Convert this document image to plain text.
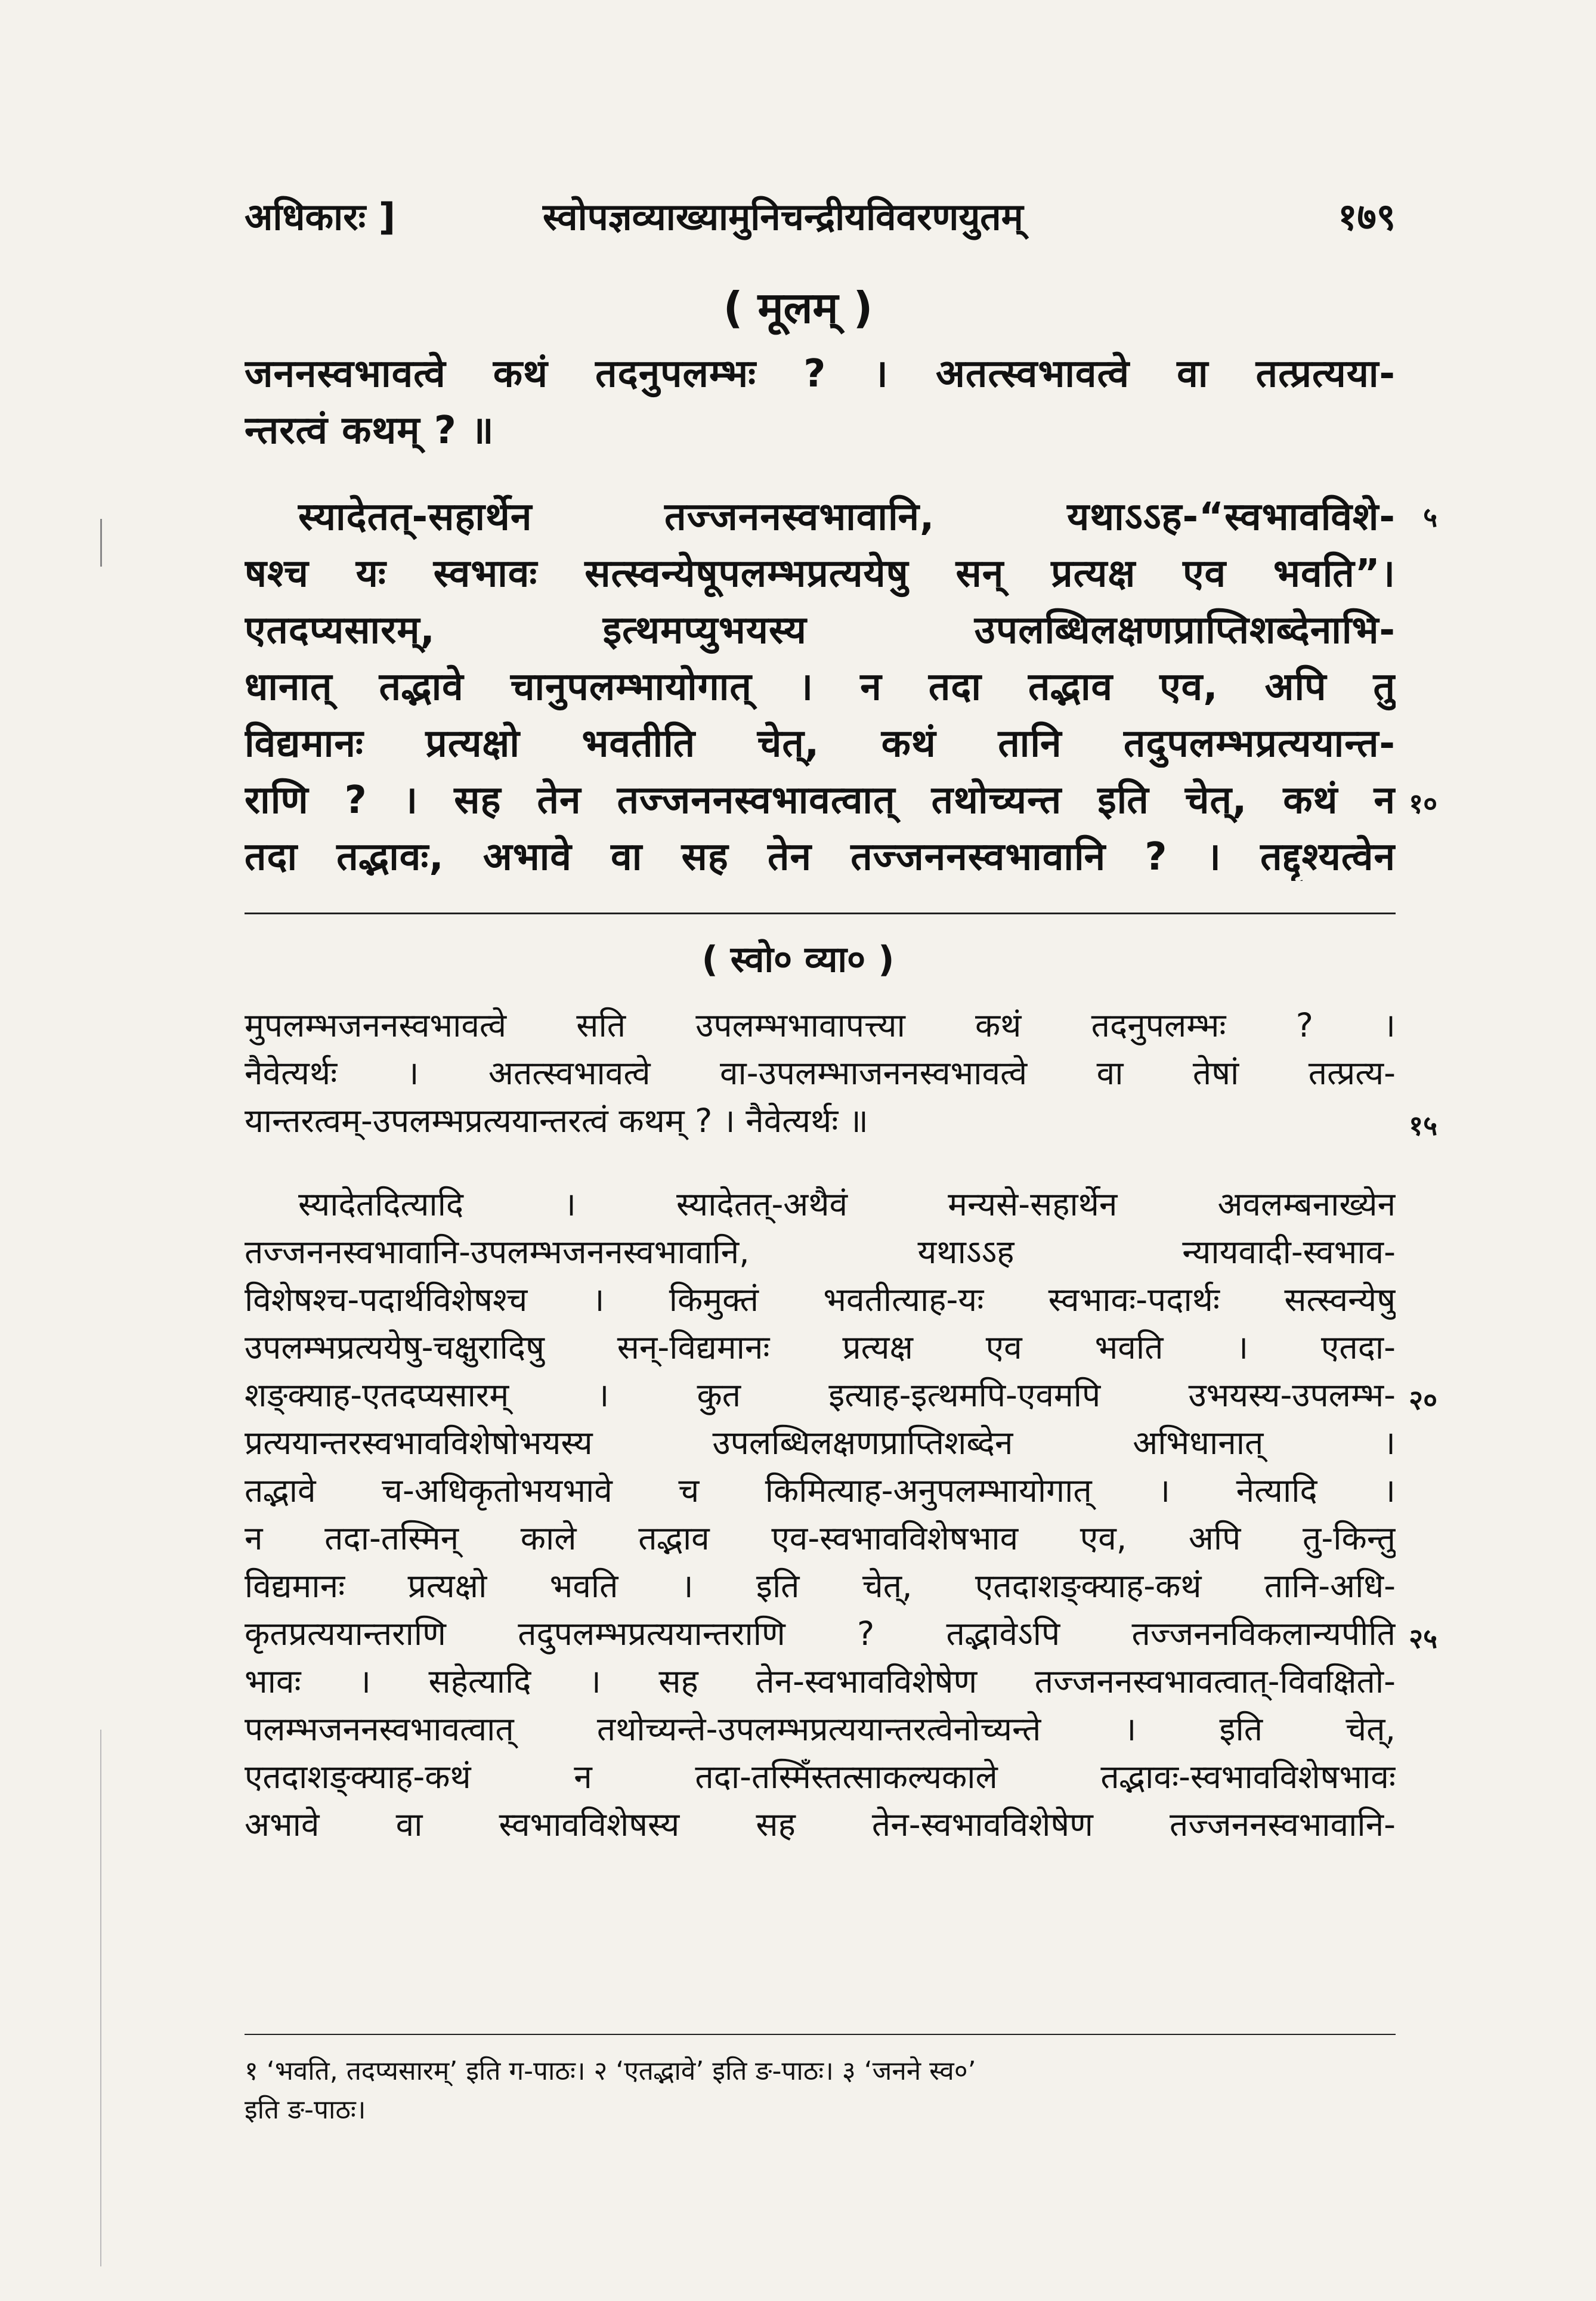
अधिकारः ]	स्वोपज्ञव्याख्यामुनिचन्द्रीयविवरणयुतम्	१७९
( मूलम् )
जननस्वभावत्वे कथं तदनुपलम्भः ? । अतत्स्वभावत्वे वा तत्प्रत्यया-
न्तरत्वं कथम् ? ॥
स्यादेतत्-सहार्थेन तज्जननस्वभावानि, यथाऽऽह-“स्वभावविशे-
षश्च यः स्वभावः सत्स्वन्येषूपलम्भप्रत्ययेषु सन् प्रत्यक्ष एव भवति”।
एतदप्यसारम्, इत्थमप्युभयस्य उपलब्धिलक्षणप्राप्तिशब्देनाभि-
धानात् तद्भावे चानुपलम्भायोगात् । न तदा तद्भाव एव, अपि तु
विद्यमानः प्रत्यक्षो भवतीति चेत्, कथं तानि तदुपलम्भप्रत्ययान्त-
राणि ? । सह तेन तज्जननस्वभावत्वात् तथोच्यन्त इति चेत्, कथं न
तदा तद्भावः, अभावे वा सह तेन तज्जननस्वभावानि ? । तद्दृश्यत्वेन
५
१०
( स्वो० व्या० )
मुपलम्भजननस्वभावत्वे सति उपलम्भभावापत्त्या कथं तदनुपलम्भः ? ।
नैवेत्यर्थः । अतत्स्वभावत्वे वा-उपलम्भाजननस्वभावत्वे वा तेषां तत्प्रत्य-
यान्तरत्वम्-उपलम्भप्रत्ययान्तरत्वं कथम् ? । नैवेत्यर्थः ॥
स्यादेतदित्यादि । स्यादेतत्-अथैवं मन्यसे-सहार्थेन अवलम्बनाख्येन
तज्जननस्वभावानि-उपलम्भजननस्वभावानि, यथाऽऽह न्यायवादी-स्वभाव-
विशेषश्च-पदार्थविशेषश्च । किमुक्तं भवतीत्याह-यः स्वभावः-पदार्थः सत्स्वन्येषु
उपलम्भप्रत्ययेषु-चक्षुरादिषु सन्-विद्यमानः प्रत्यक्ष एव भवति । एतदा-
शङ्क्याह-एतदप्यसारम् । कुत इत्याह-इत्थमपि-एवमपि उभयस्य-उपलम्भ-
प्रत्ययान्तरस्वभावविशेषोभयस्य उपलब्धिलक्षणप्राप्तिशब्देन अभिधानात् ।
तद्भावे च-अधिकृतोभयभावे च किमित्याह-अनुपलम्भायोगात् । नेत्यादि ।
न तदा-तस्मिन् काले तद्भाव एव-स्वभावविशेषभाव एव, अपि तु-किन्तु
विद्यमानः प्रत्यक्षो भवति । इति चेत्, एतदाशङ्क्याह-कथं तानि-अधि-
कृतप्रत्ययान्तराणि तदुपलम्भप्रत्ययान्तराणि ? तद्भावेऽपि तज्जननविकलान्यपीति
भावः । सहेत्यादि । सह तेन-स्वभावविशेषेण तज्जननस्वभावत्वात्-विवक्षितो-
पलम्भजननस्वभावत्वात् तथोच्यन्ते-उपलम्भप्रत्ययान्तरत्वेनोच्यन्ते । इति चेत्,
एतदाशङ्क्याह-कथं न तदा-तस्मिँस्तत्साकल्यकाले तद्भावः-स्वभावविशेषभावः
अभावे वा स्वभावविशेषस्य सह तेन-स्वभावविशेषेण तज्जननस्वभावानि-
१५
२०
२५
१ ‘भवति, तदप्यसारम्’ इति ग-पाठः। २ ‘एतद्भावे’ इति ङ-पाठः। ३ ‘जनने स्व०’
इति ङ-पाठः।
